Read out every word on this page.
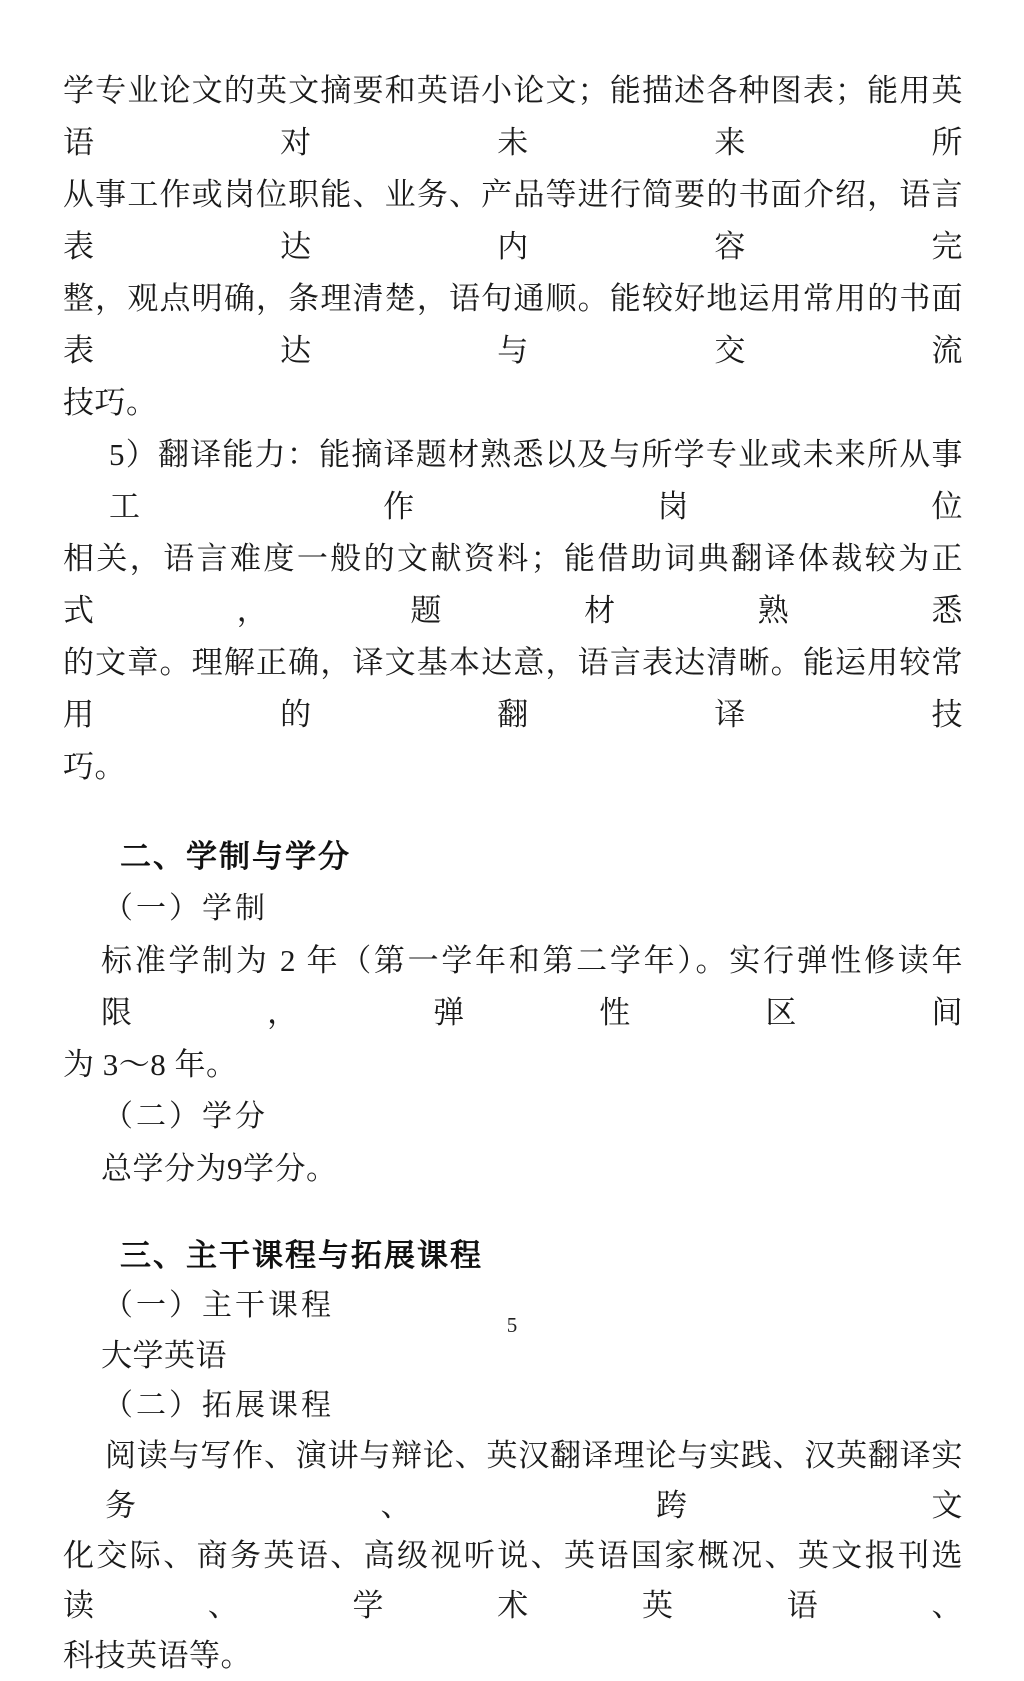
学专业论文的英文摘要和英语小论文；能描述各种图表；能用英语对未来所
从事工作或岗位职能、业务、产品等进行简要的书面介绍，语言表达内容完
整，观点明确，条理清楚，语句通顺。能较好地运用常用的书面表达与交流
技巧。
5）翻译能力：能摘译题材熟悉以及与所学专业或未来所从事工作岗位
相关，语言难度一般的文献资料；能借助词典翻译体裁较为正式，题材熟悉
的文章。理解正确，译文基本达意，语言表达清晰。能运用较常用的翻译技
巧。
二、学制与学分
（一）学制
标准学制为 2 年（第一学年和第二学年）。实行弹性修读年限，弹性区间
为 3～8 年。
（二）学分
总学分为9学分。
三、主干课程与拓展课程
（一）主干课程
大学英语
（二）拓展课程
阅读与写作、演讲与辩论、英汉翻译理论与实践、汉英翻译实务、跨文
化交际、商务英语、高级视听说、英语国家概况、英文报刊选读、学术英语、
科技英语等。
5
